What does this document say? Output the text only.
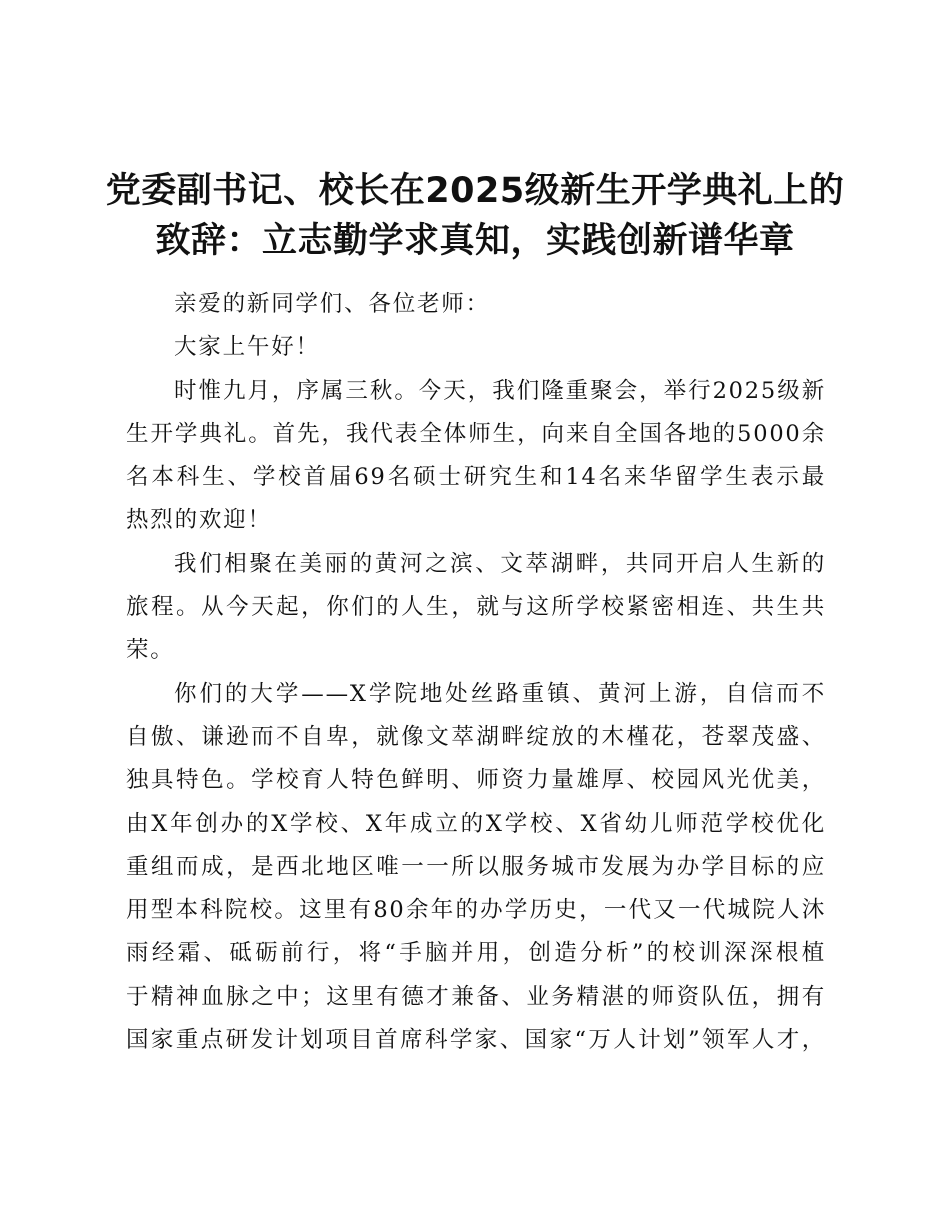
党委副书记、校长在2025级新生开学典礼上的
致辞：立志勤学求真知，实践创新谱华章
亲爱的新同学们、各位老师：
大家上午好！
时惟九月，序属三秋。今天，我们隆重聚会，举行2025级新
生开学典礼。首先，我代表全体师生，向来自全国各地的5000余
名本科生、学校首届69名硕士研究生和14名来华留学生表示最
热烈的欢迎！
我们相聚在美丽的黄河之滨、文萃湖畔，共同开启人生新的
旅程。从今天起，你们的人生，就与这所学校紧密相连、共生共
荣。
你们的大学——X学院地处丝路重镇、黄河上游，自信而不
自傲、谦逊而不自卑，就像文萃湖畔绽放的木槿花，苍翠茂盛、
独具特色。学校育人特色鲜明、师资力量雄厚、校园风光优美，
由X年创办的X学校、X年成立的X学校、X省幼儿师范学校优化
重组而成，是西北地区唯一一所以服务城市发展为办学目标的应
用型本科院校。这里有80余年的办学历史，一代又一代城院人沐
雨经霜、砥砺前行，将“手脑并用，创造分析”的校训深深根植
于精神血脉之中；这里有德才兼备、业务精湛的师资队伍，拥有
国家重点研发计划项目首席科学家、国家“万人计划”领军人才，
